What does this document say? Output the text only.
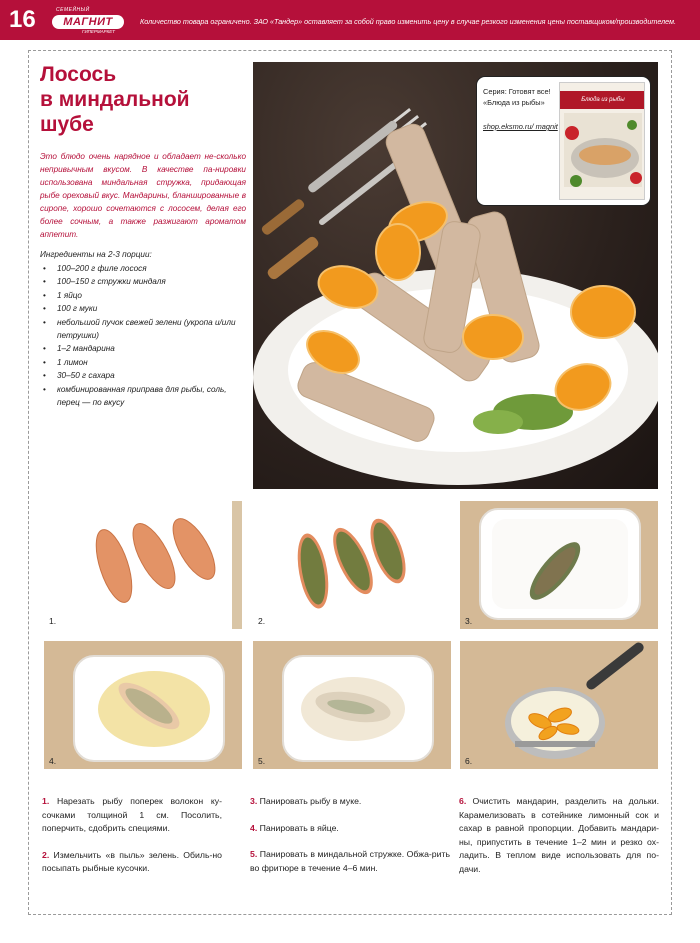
16	СЕМЕЙНЫЙ
МАГНИТ
ГИПЕРМАРКЕТ
Количество товара ограничено. ЗАО «Тандер» оставляет за собой право изменить цену в случае резкого изменения цены поставщиком/производителем.
Лосось
в миндальной
шубе

Это блюдо очень нарядное и обладает не-сколько непривычным вкусом. В качестве па-нировки использована миндальная стружка, придающая рыбе ореховый вкус. Мандарины, бланшированные в сиропе, хорошо сочетаются с лососем, делая его более сочным, а также разжигают ароматом аппетит.

Ингредиенты на 2-3 порции:
• 100–200 г филе лосося
• 100–150 г стружки миндаля
• 1 яйцо
• 100 г муки
• небольшой пучок свежей зелени (укропа и/или петрушки)
• 1–2 мандарина
• 1 лимон
• 30–50 г сахара
• комбинированная приправа для рыбы, соль, перец — по вкусу
Серия: Готовят все! «Блюда из рыбы»
shop.eksmo.ru/ magnit
Блюда из рыбы
1.	2.	3.
4.	5.	6.

1. Нарезать рыбу поперек волокон ку-сочками толщиной 1 см. Посолить, поперчить, сдобрить специями.

2. Измельчить «в пыль» зелень. Обиль-но посыпать рыбные кусочки.

3. Панировать рыбу в муке.

4. Панировать в яйце.

5. Панировать в миндальной стружке. Обжа-рить во фритюре в течение 4–6 мин.

6. Очистить мандарин, разделить на дольки. Карамелизовать в сотейнике лимонный сок и сахар в равной пропорции. Добавить мандари-ны, припустить в течение 1–2 мин и резко ох-ладить. В теплом виде использовать для по-дачи.
